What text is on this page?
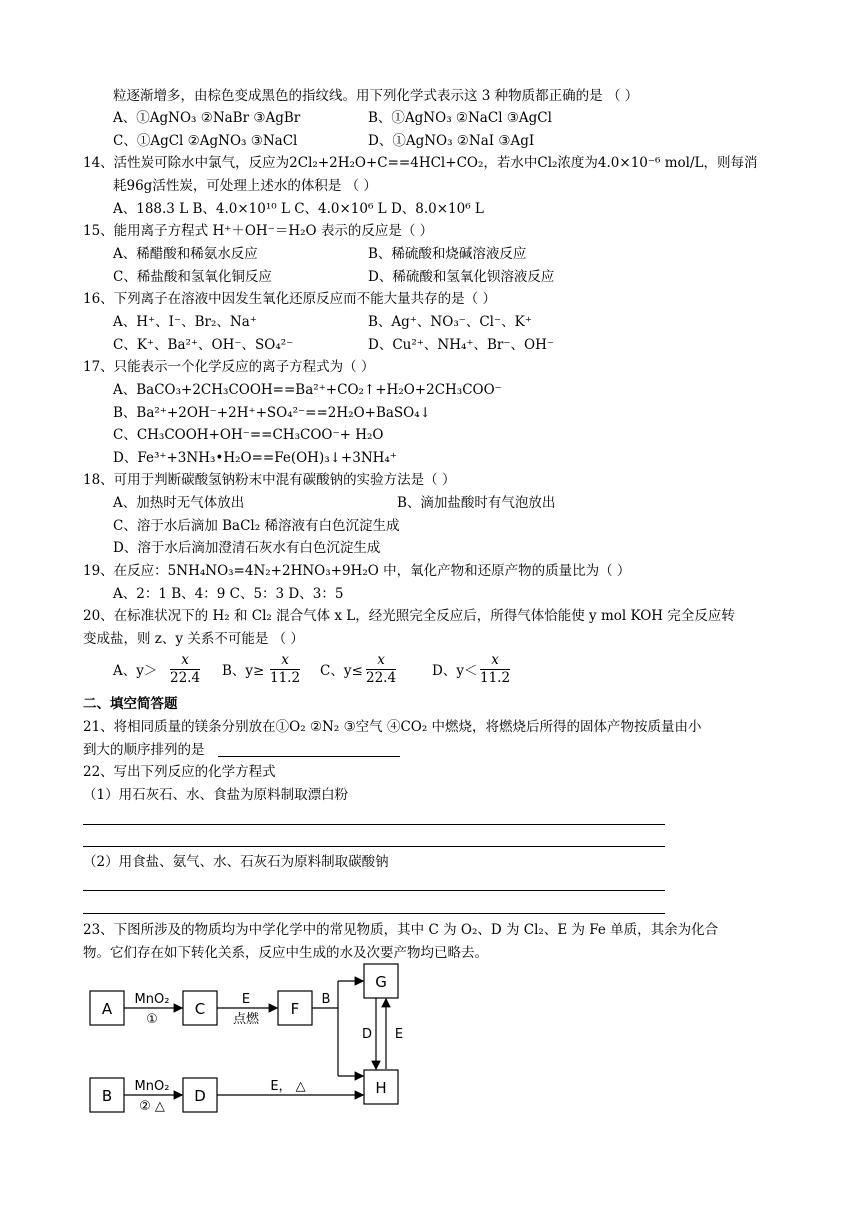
粒逐渐增多，由棕色变成黑色的指纹线。用下列化学式表示这 3 种物质都正确的是 （ ）
A、①AgNO₃ ②NaBr ③AgBr	B、①AgNO₃ ②NaCl ③AgCl
C、①AgCl ②AgNO₃ ③NaCl	D、①AgNO₃ ②NaI ③AgI
14、活性炭可除水中氯气，反应为2Cl₂+2H₂O+C==4HCl+CO₂，若水中Cl₂浓度为4.0×10⁻⁶ mol/L，则每消
耗96g活性炭，可处理上述水的体积是 （ ）
A、188.3 L B、4.0×10¹⁰ L C、4.0×10⁶ L D、8.0×10⁶ L
15、能用离子方程式 H⁺＋OH⁻＝H₂O 表示的反应是（ ）
A、稀醋酸和稀氨水反应	B、稀硫酸和烧碱溶液反应
C、稀盐酸和氢氧化铜反应	D、稀硫酸和氢氧化钡溶液反应
16、下列离子在溶液中因发生氧化还原反应而不能大量共存的是（ ）
A、H⁺、I⁻、Br₂、Na⁺	B、Ag⁺、NO₃⁻、Cl⁻、K⁺
C、K⁺、Ba²⁺、OH⁻、SO₄²⁻	D、Cu²⁺、NH₄⁺、Br⁻、OH⁻
17、只能表示一个化学反应的离子方程式为（ ）
A、BaCO₃+2CH₃COOH==Ba²⁺+CO₂↑+H₂O+2CH₃COO⁻
B、Ba²⁺+2OH⁻+2H⁺+SO₄²⁻==2H₂O+BaSO₄↓
C、CH₃COOH+OH⁻==CH₃COO⁻+ H₂O
D、Fe³⁺+3NH₃•H₂O==Fe(OH)₃↓+3NH₄⁺
18、可用于判断碳酸氢钠粉末中混有碳酸钠的实验方法是（ ）
A、加热时无气体放出	B、滴加盐酸时有气泡放出
C、溶于水后滴加 BaCl₂ 稀溶液有白色沉淀生成
D、溶于水后滴加澄清石灰水有白色沉淀生成
19、在反应：5NH₄NO₃=4N₂+2HNO₃+9H₂O 中，氧化产物和还原产物的质量比为（ ）
A、2：1 B、4：9 C、5：3 D、3：5
20、在标准状况下的 H₂ 和 Cl₂ 混合气体 x L，经光照完全反应后，所得气体恰能使 y mol KOH 完全反应转
变成盐，则 z、y 关系不可能是 （ ）
A、y＞	B、y≥	C、y≤	D、y＜
二、填空简答题
21、将相同质量的镁条分别放在①O₂ ②N₂ ③空气 ④CO₂ 中燃烧，将燃烧后所得的固体产物按质量由小
到大的顺序排列的是
22、写出下列反应的化学方程式
（1）用石灰石、水、食盐为原料制取漂白粉
（2）用食盐、氨气、水、石灰石为原料制取碳酸钠
23、下图所涉及的物质均为中学化学中的常见物质，其中 C 为 O₂、D 为 Cl₂、E 为 Fe 单质，其余为化合
物。它们存在如下转化关系，反应中生成的水及次要产物均已略去。
$\frac{x}{22.4}$	$\frac{x}{11.2}$	$\frac{x}{22.4}$	$\frac{x}{11.2}$
A	C	F
G
B	D	H
MnO₂
①
E
点燃
B
MnO₂
② △
E， △
D E
